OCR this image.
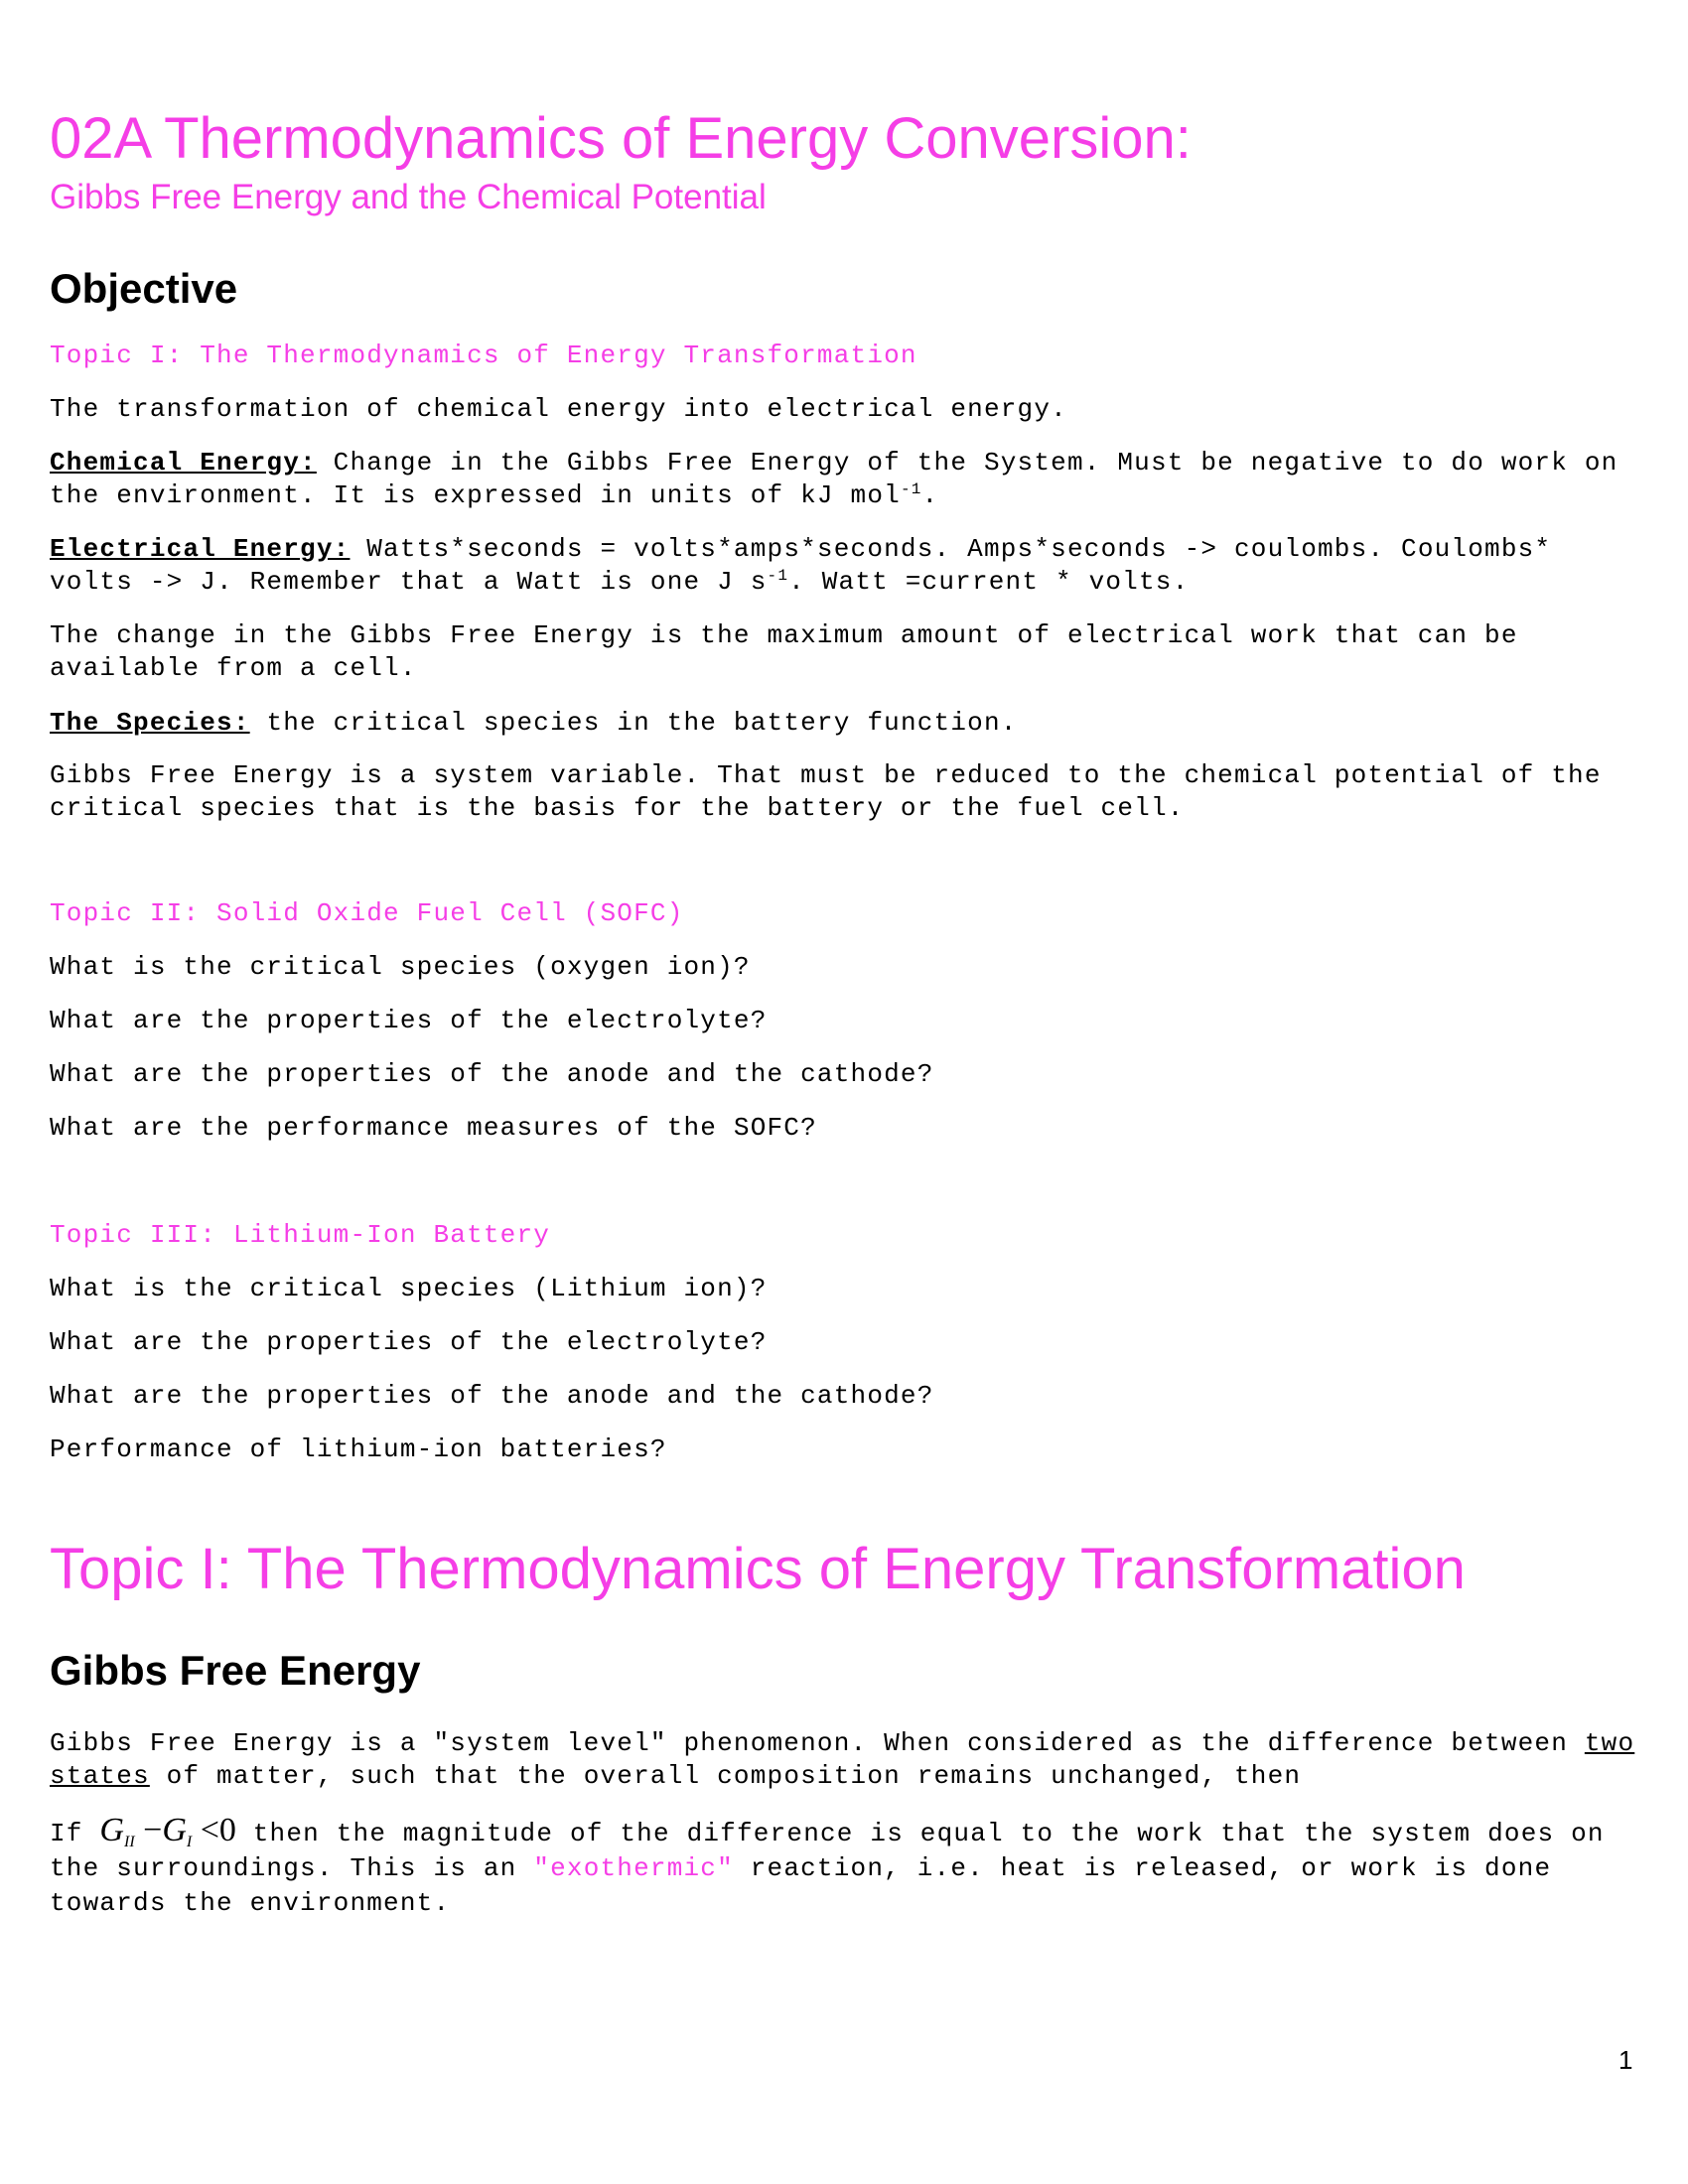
02A Thermodynamics of Energy Conversion:
Gibbs Free Energy and the Chemical Potential
Objective
Topic I: The Thermodynamics of Energy Transformation
The transformation of chemical energy into electrical energy.
Chemical Energy: Change in the Gibbs Free Energy of the System. Must be negative to do work on the environment. It is expressed in units of kJ mol$^{-1}$.
Electrical Energy: Watts*seconds = volts*amps*seconds. Amps*seconds -> coulombs. Coulombs* volts -> J. Remember that a Watt is one J $s^{-1}$. Watt =current * volts.
The change in the Gibbs Free Energy is the maximum amount of electrical work that can be available from a cell.
The Species: the critical species in the battery function.
Gibbs Free Energy is a system variable. That must be reduced to the chemical potential of the critical species that is the basis for the battery or the fuel cell.
Topic II: Solid Oxide Fuel Cell (SOFC)
What is the critical species (oxygen ion)?
What are the properties of the electrolyte?
What are the properties of the anode and the cathode?
What are the performance measures of the SOFC?
Topic III: Lithium-Ion Battery
What is the critical species (Lithium ion)?
What are the properties of the electrolyte?
What are the properties of the anode and the cathode?
Performance of lithium-ion batteries?
Topic I: The Thermodynamics of Energy Transformation
Gibbs Free Energy
Gibbs Free Energy is a "system level" phenomenon. When considered as the difference between two states of matter, such that the overall composition remains unchanged, then
If $G_{II} -G_I <0$ then the magnitude of the difference is equal to the work that the system does on the surroundings. This is an "exothermic" reaction, i.e. heat is released, or work is done towards the environment.
1
